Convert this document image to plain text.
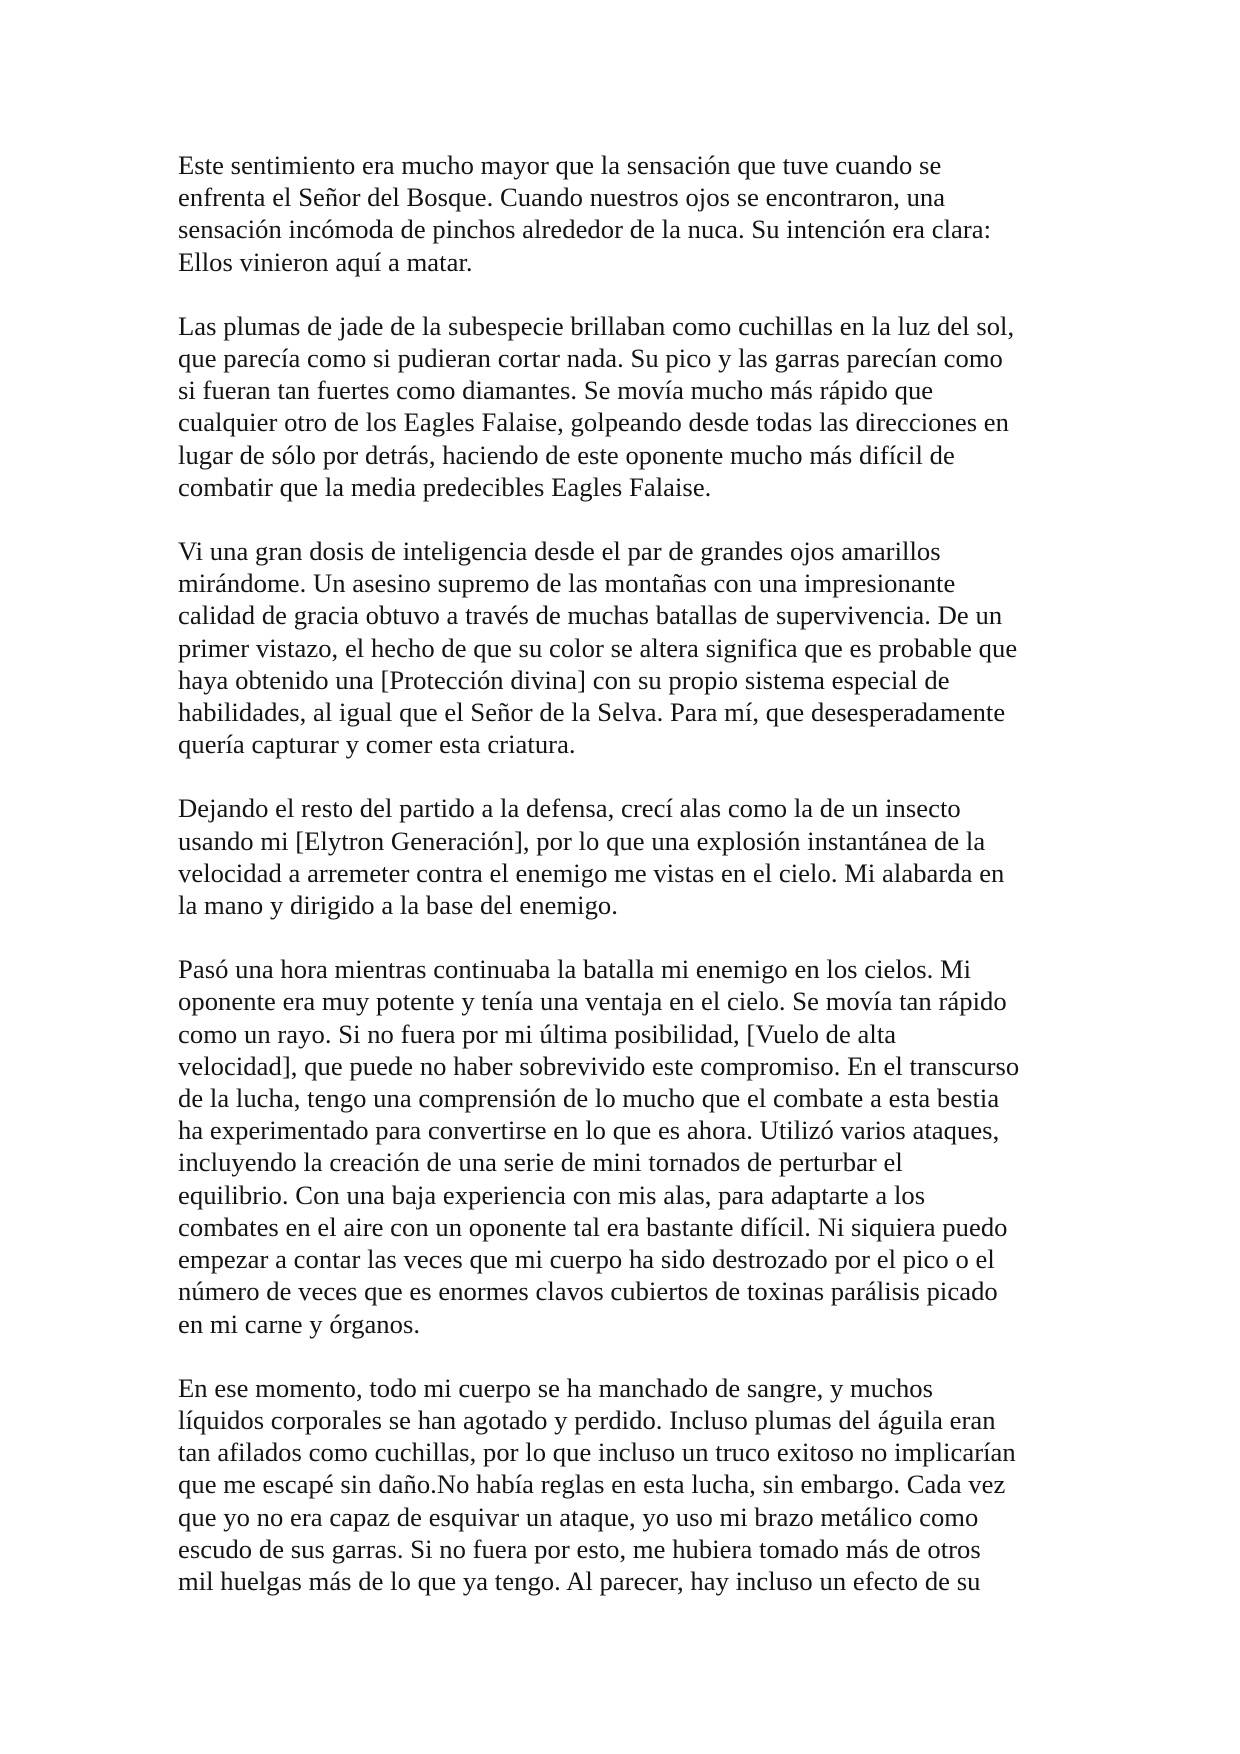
Este sentimiento era mucho mayor que la sensación que tuve cuando se
enfrenta el Señor del Bosque. Cuando nuestros ojos se encontraron, una
sensación incómoda de pinchos alrededor de la nuca. Su intención era clara:
Ellos vinieron aquí a matar.
Las plumas de jade de la subespecie brillaban como cuchillas en la luz del sol,
que parecía como si pudieran cortar nada. Su pico y las garras parecían como
si fueran tan fuertes como diamantes. Se movía mucho más rápido que
cualquier otro de los Eagles Falaise, golpeando desde todas las direcciones en
lugar de sólo por detrás, haciendo de este oponente mucho más difícil de
combatir que la media predecibles Eagles Falaise.
Vi una gran dosis de inteligencia desde el par de grandes ojos amarillos
mirándome. Un asesino supremo de las montañas con una impresionante
calidad de gracia obtuvo a través de muchas batallas de supervivencia. De un
primer vistazo, el hecho de que su color se altera significa que es probable que
haya obtenido una [Protección divina] con su propio sistema especial de
habilidades, al igual que el Señor de la Selva. Para mí, que desesperadamente
quería capturar y comer esta criatura.
Dejando el resto del partido a la defensa, crecí alas como la de un insecto
usando mi [Elytron Generación], por lo que una explosión instantánea de la
velocidad a arremeter contra el enemigo me vistas en el cielo. Mi alabarda en
la mano y dirigido a la base del enemigo.
Pasó una hora mientras continuaba la batalla mi enemigo en los cielos. Mi
oponente era muy potente y tenía una ventaja en el cielo. Se movía tan rápido
como un rayo. Si no fuera por mi última posibilidad, [Vuelo de alta
velocidad], que puede no haber sobrevivido este compromiso. En el transcurso
de la lucha, tengo una comprensión de lo mucho que el combate a esta bestia
ha experimentado para convertirse en lo que es ahora. Utilizó varios ataques,
incluyendo la creación de una serie de mini tornados de perturbar el
equilibrio. Con una baja experiencia con mis alas, para adaptarte a los
combates en el aire con un oponente tal era bastante difícil. Ni siquiera puedo
empezar a contar las veces que mi cuerpo ha sido destrozado por el pico o el
número de veces que es enormes clavos cubiertos de toxinas parálisis picado
en mi carne y órganos.
En ese momento, todo mi cuerpo se ha manchado de sangre, y muchos
líquidos corporales se han agotado y perdido. Incluso plumas del águila eran
tan afilados como cuchillas, por lo que incluso un truco exitoso no implicarían
que me escapé sin daño.No había reglas en esta lucha, sin embargo. Cada vez
que yo no era capaz de esquivar un ataque, yo uso mi brazo metálico como
escudo de sus garras. Si no fuera por esto, me hubiera tomado más de otros
mil huelgas más de lo que ya tengo. Al parecer, hay incluso un efecto de su
